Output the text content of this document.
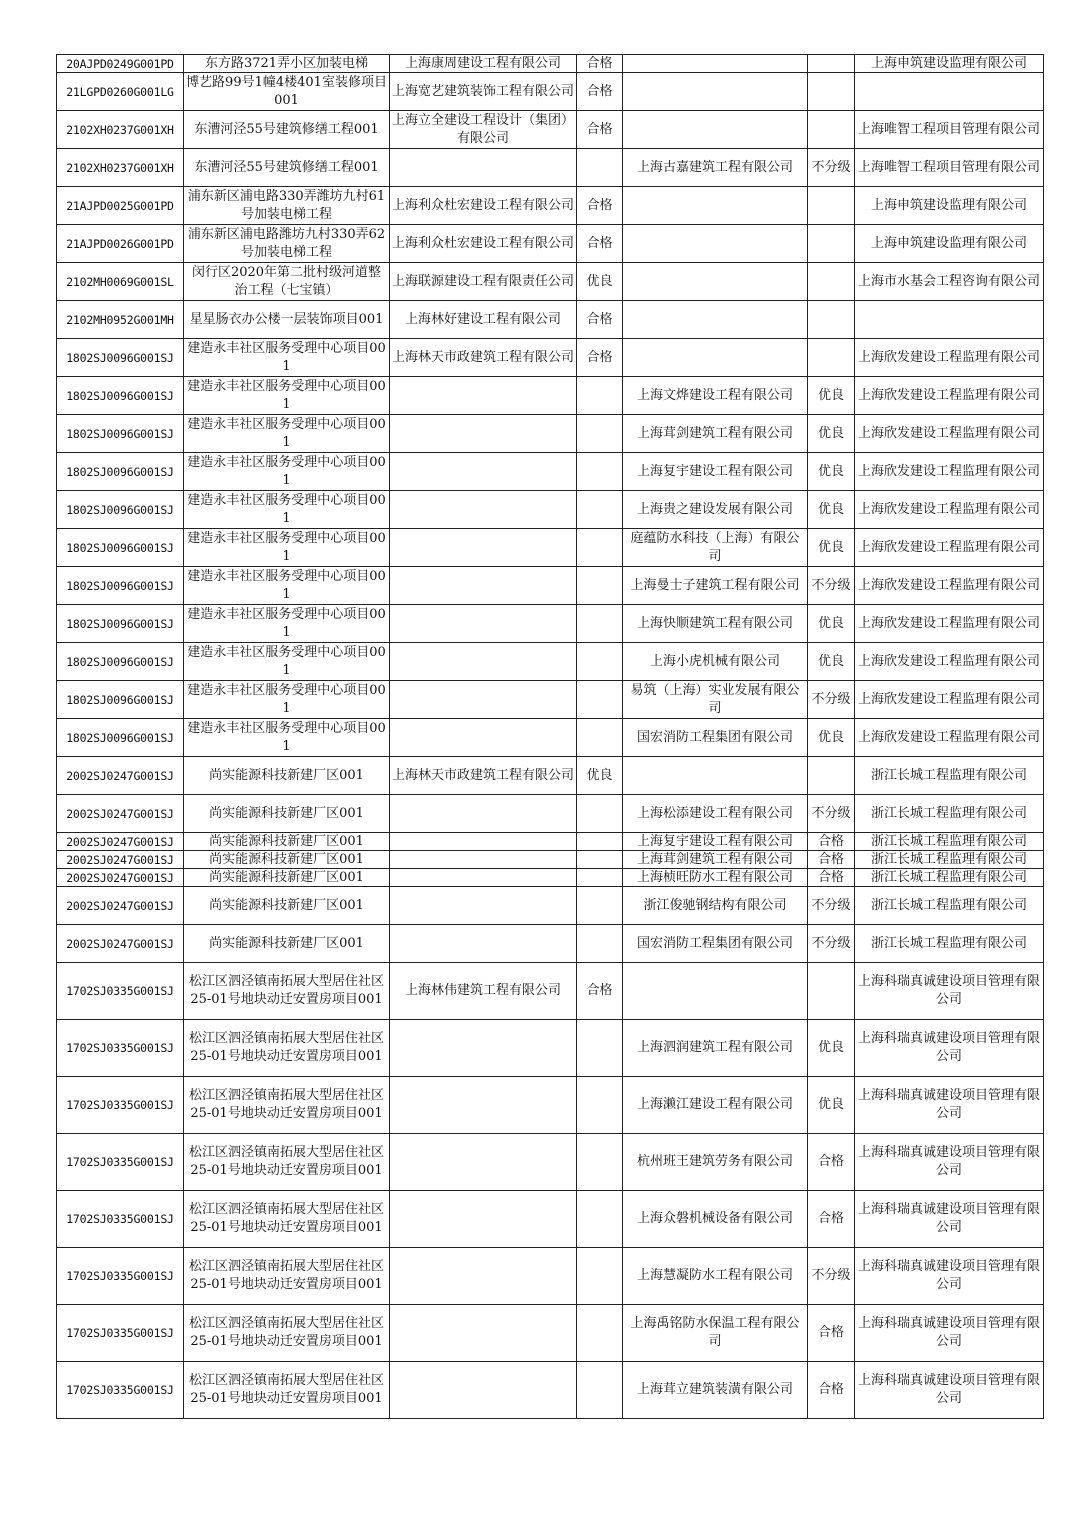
20AJPD0249G001PD	东方路3721弄小区加装电梯	上海康周建设工程有限公司	合格			上海申筑建设监理有限公司
21LGPD0260G001LG	博艺路99号1幢4楼401室装修项目001	上海宽艺建筑装饰工程有限公司	合格			
2102XH0237G001XH	东漕河泾55号建筑修缮工程001	上海立全建设工程设计（集团）有限公司	合格			上海唯智工程项目管理有限公司
2102XH0237G001XH	东漕河泾55号建筑修缮工程001			上海古嘉建筑工程有限公司	不分级	上海唯智工程项目管理有限公司
21AJPD0025G001PD	浦东新区浦电路330弄潍坊九村61号加装电梯工程	上海利众杜宏建设工程有限公司	合格			上海申筑建设监理有限公司
21AJPD0026G001PD	浦东新区浦电路潍坊九村330弄62号加装电梯工程	上海利众杜宏建设工程有限公司	合格			上海申筑建设监理有限公司
2102MH0069G001SL	闵行区2020年第二批村级河道整治工程（七宝镇）	上海联源建设工程有限责任公司	优良			上海市水基会工程咨询有限公司
2102MH0952G001MH	星星肠衣办公楼一层装饰项目001	上海林好建设工程有限公司	合格			
1802SJ0096G001SJ	建造永丰社区服务受理中心项目001	上海林天市政建筑工程有限公司	合格			上海欣发建设工程监理有限公司
1802SJ0096G001SJ	建造永丰社区服务受理中心项目001			上海文烨建设工程有限公司	优良	上海欣发建设工程监理有限公司
1802SJ0096G001SJ	建造永丰社区服务受理中心项目001			上海茸剑建筑工程有限公司	优良	上海欣发建设工程监理有限公司
1802SJ0096G001SJ	建造永丰社区服务受理中心项目001			上海复宇建设工程有限公司	优良	上海欣发建设工程监理有限公司
1802SJ0096G001SJ	建造永丰社区服务受理中心项目001			上海贵之建设发展有限公司	优良	上海欣发建设工程监理有限公司
1802SJ0096G001SJ	建造永丰社区服务受理中心项目001			庭蕴防水科技（上海）有限公司	优良	上海欣发建设工程监理有限公司
1802SJ0096G001SJ	建造永丰社区服务受理中心项目001			上海曼士子建筑工程有限公司	不分级	上海欣发建设工程监理有限公司
1802SJ0096G001SJ	建造永丰社区服务受理中心项目001			上海快顺建筑工程有限公司	优良	上海欣发建设工程监理有限公司
1802SJ0096G001SJ	建造永丰社区服务受理中心项目001			上海小虎机械有限公司	优良	上海欣发建设工程监理有限公司
1802SJ0096G001SJ	建造永丰社区服务受理中心项目001			易筑（上海）实业发展有限公司	不分级	上海欣发建设工程监理有限公司
1802SJ0096G001SJ	建造永丰社区服务受理中心项目001			国宏消防工程集团有限公司	优良	上海欣发建设工程监理有限公司
2002SJ0247G001SJ	尚实能源科技新建厂区001	上海林天市政建筑工程有限公司	优良			浙江长城工程监理有限公司
2002SJ0247G001SJ	尚实能源科技新建厂区001			上海松添建设工程有限公司	不分级	浙江长城工程监理有限公司
2002SJ0247G001SJ	尚实能源科技新建厂区001			上海复宇建设工程有限公司	合格	浙江长城工程监理有限公司
2002SJ0247G001SJ	尚实能源科技新建厂区001			上海茸剑建筑工程有限公司	合格	浙江长城工程监理有限公司
2002SJ0247G001SJ	尚实能源科技新建厂区001			上海桢旺防水工程有限公司	合格	浙江长城工程监理有限公司
2002SJ0247G001SJ	尚实能源科技新建厂区001			浙江俊驰钢结构有限公司	不分级	浙江长城工程监理有限公司
2002SJ0247G001SJ	尚实能源科技新建厂区001			国宏消防工程集团有限公司	不分级	浙江长城工程监理有限公司
1702SJ0335G001SJ	松江区泗泾镇南拓展大型居住社区25-01号地块动迁安置房项目001	上海林伟建筑工程有限公司	合格			上海科瑞真诚建设项目管理有限公司
1702SJ0335G001SJ	松江区泗泾镇南拓展大型居住社区25-01号地块动迁安置房项目001			上海泗润建筑工程有限公司	优良	上海科瑞真诚建设项目管理有限公司
1702SJ0335G001SJ	松江区泗泾镇南拓展大型居住社区25-01号地块动迁安置房项目001			上海濑江建设工程有限公司	优良	上海科瑞真诚建设项目管理有限公司
1702SJ0335G001SJ	松江区泗泾镇南拓展大型居住社区25-01号地块动迁安置房项目001			杭州班王建筑劳务有限公司	合格	上海科瑞真诚建设项目管理有限公司
1702SJ0335G001SJ	松江区泗泾镇南拓展大型居住社区25-01号地块动迁安置房项目001			上海众磐机械设备有限公司	合格	上海科瑞真诚建设项目管理有限公司
1702SJ0335G001SJ	松江区泗泾镇南拓展大型居住社区25-01号地块动迁安置房项目001			上海慧凝防水工程有限公司	不分级	上海科瑞真诚建设项目管理有限公司
1702SJ0335G001SJ	松江区泗泾镇南拓展大型居住社区25-01号地块动迁安置房项目001			上海禹铭防水保温工程有限公司	合格	上海科瑞真诚建设项目管理有限公司
1702SJ0335G001SJ	松江区泗泾镇南拓展大型居住社区25-01号地块动迁安置房项目001			上海茸立建筑装潢有限公司	合格	上海科瑞真诚建设项目管理有限公司
